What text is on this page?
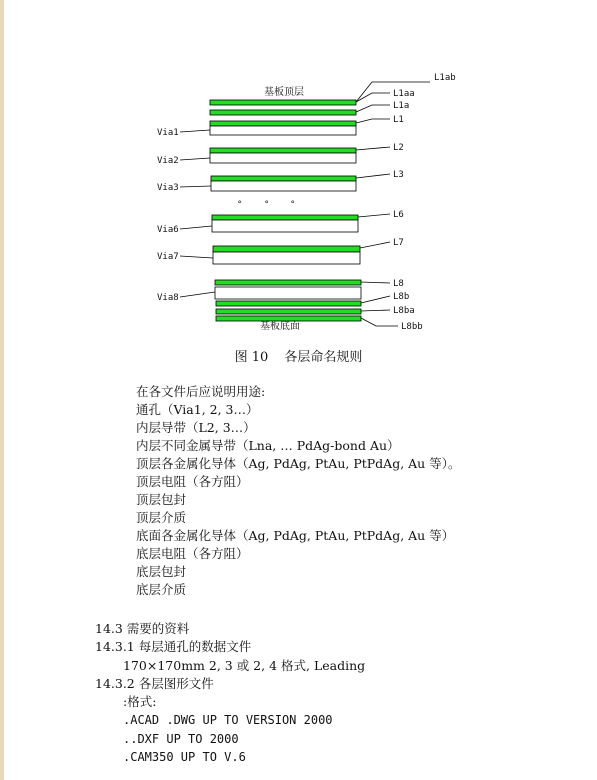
基板顶层
基板底面
° ° °
L1ab
L1aa
L1a
L1
L2
L3
L6
L7
L8
L8b
L8ba
L8bb
Via1
Via2
Via3
Via6
Via7
Via8
图 10 各层命名规则
在各文件后应说明用途:
通孔（Via1, 2, 3…）
内层导带（L2, 3…）
内层不同金属导带（Lna, … PdAg-bond Au）
顶层各金属化导体（Ag, PdAg, PtAu, PtPdAg, Au 等）。
顶层电阻（各方阻）
顶层包封
顶层介质
底面各金属化导体（Ag, PdAg, PtAu, PtPdAg, Au 等）
底层电阻（各方阻）
底层包封
底层介质
14.3 需要的资料
14.3.1 每层通孔的数据文件
170×170mm 2, 3 或 2, 4 格式, Leading
14.3.2 各层图形文件
:格式:
.ACAD .DWG UP TO VERSION 2000
..DXF UP TO 2000
.CAM350 UP TO V.6
